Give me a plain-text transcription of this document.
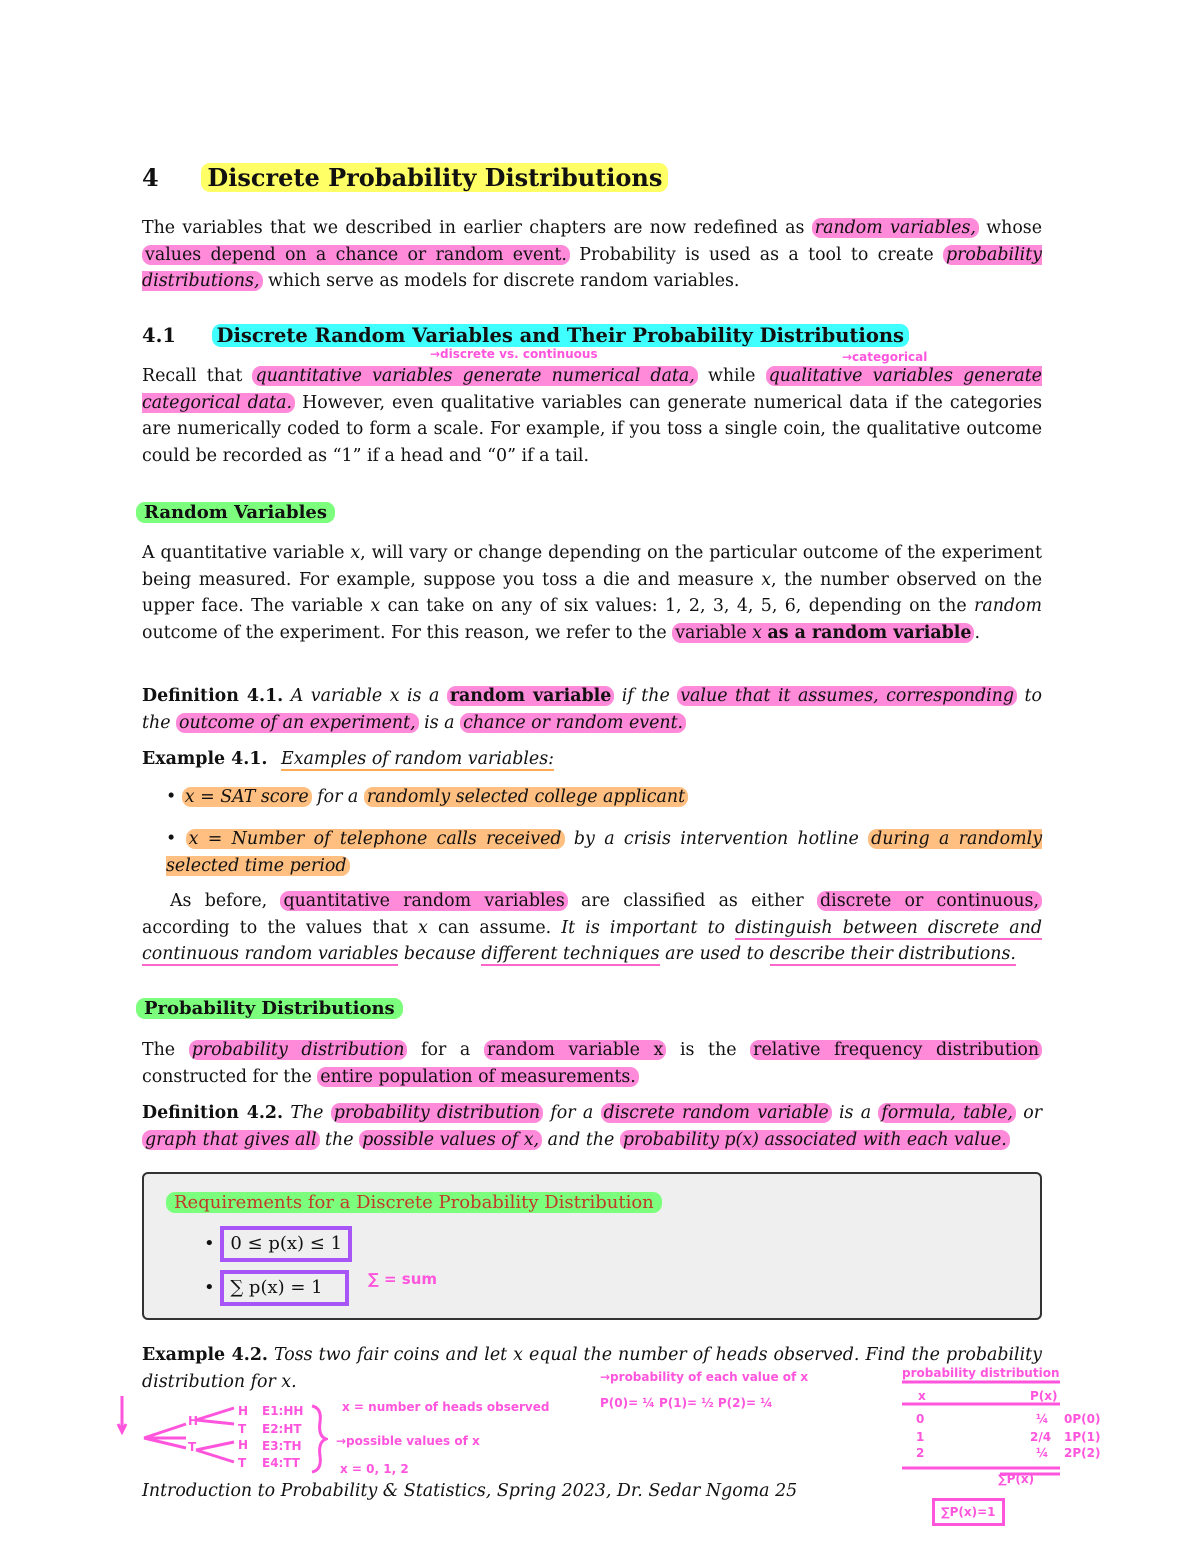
4 Discrete Probability Distributions
The variables that we described in earlier chapters are now redefined as random variables, whose values depend on a chance or random event. Probability is used as a tool to create probability distributions, which serve as models for discrete random variables.
4.1 Discrete Random Variables and Their Probability Distributions
→discrete vs. continuous	→categorical
Recall that quantitative variables generate numerical data, while qualitative variables generate categorical data. However, even qualitative variables can generate numerical data if the categories are numerically coded to form a scale. For example, if you toss a single coin, the qualitative outcome could be recorded as “1” if a head and “0” if a tail.
Random Variables
A quantitative variable x, will vary or change depending on the particular outcome of the experiment being measured. For example, suppose you toss a die and measure x, the number observed on the upper face. The variable x can take on any of six values: 1, 2, 3, 4, 5, 6, depending on the random outcome of the experiment. For this reason, we refer to the variable x as a random variable .
Definition 4.1. A variable x is a random variable if the value that it assumes, corresponding to the outcome of an experiment, is a chance or random event.
Example 4.1. Examples of random variables:
• x = SAT score for a randomly selected college applicant
• x = Number of telephone calls received by a crisis intervention hotline during a randomly selected time period
As before, quantitative random variables are classified as either discrete or continuous, according to the values that x can assume. It is important to distinguish between discrete and continuous random variables because different techniques are used to describe their distributions.
Probability Distributions
The probability distribution for a random variable x is the relative frequency distribution constructed for the entire population of measurements.
Definition 4.2. The probability distribution for a discrete random variable is a formula, table, or graph that gives all the possible values of x, and the probability p(x) associated with each value.
Requirements for a Discrete Probability Distribution
• 0 ≤ p(x) ≤ 1
• ∑ p(x) = 1	∑ = sum
Example 4.2. Toss two fair coins and let x equal the number of heads observed. Find the probability distribution for x.
H
T
H
T
H
T
E1:HH
E2:HT
E3:TH
E4:TT
x = number of heads observed
→possible values of x
x = 0, 1, 2
→probability of each value of x
P(0)= ¼ P(1)= ½ P(2)= ¼
probability distribution
x	P(x)
0	¼ 0P(0)
1	2/4 1P(1)
2	¼ 2P(2)
∑P(x)
∑P(x)=1
Introduction to Probability & Statistics, Spring 2023, Dr. Sedar Ngoma 25
